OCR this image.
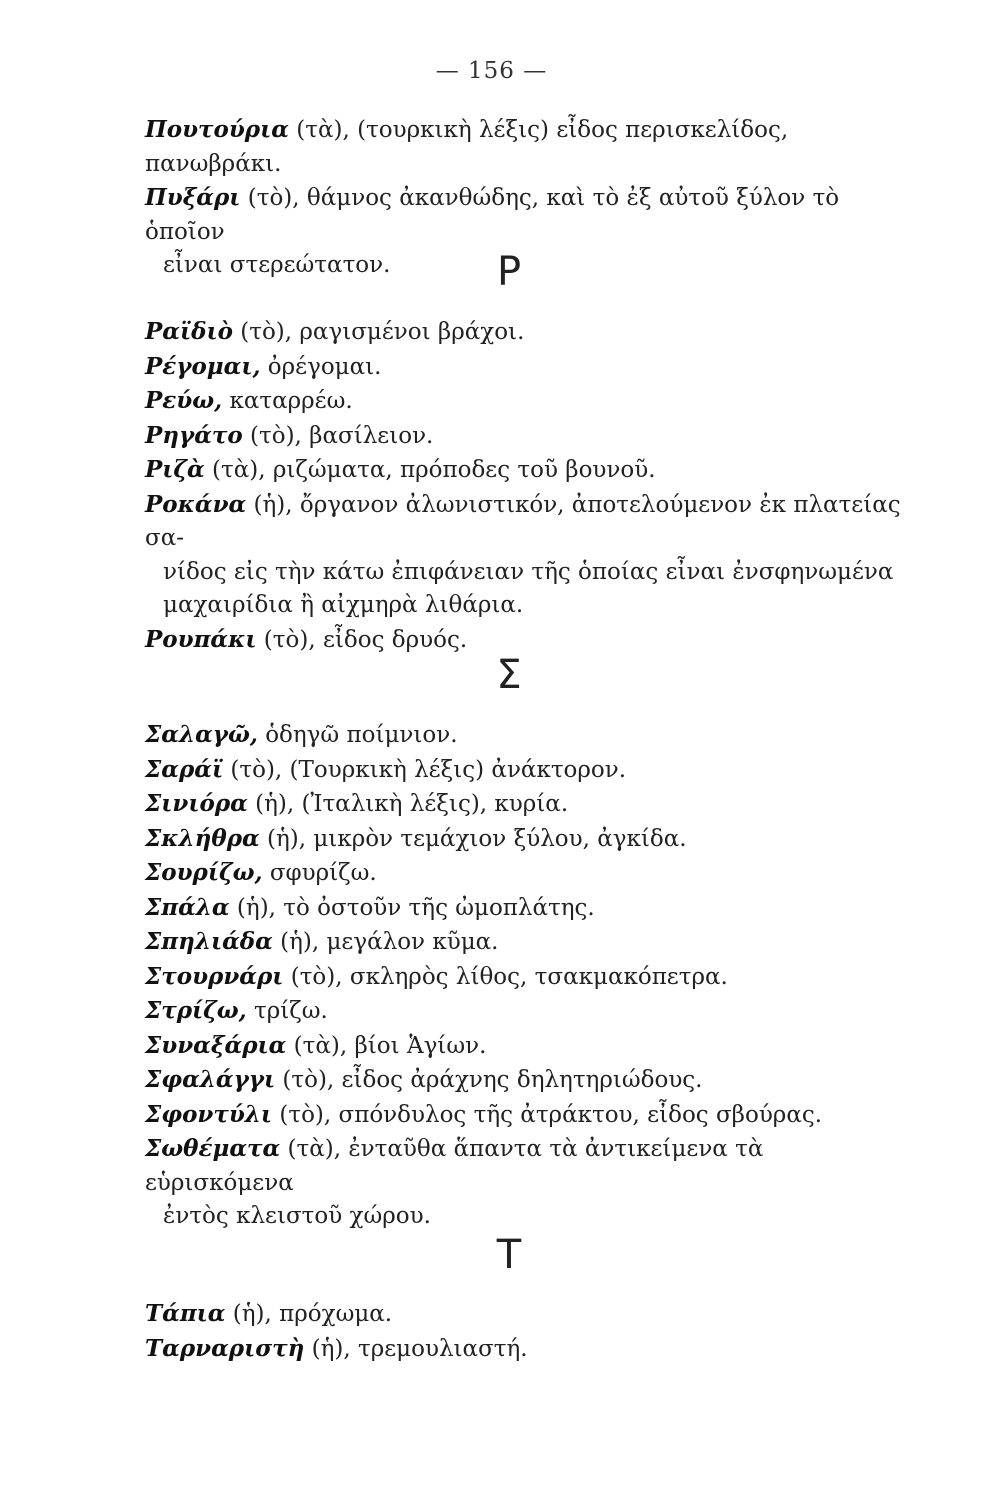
— 156 —
Πουτούρια (τὰ), (τουρκικὴ λέξις) εἶδος περισκελίδος, πανωβράκι.
Πυξάρι (τὸ), θάμνος ἀκανθώδης, καὶ τὸ ἐξ αὐτοῦ ξύλον τὸ ὁποῖον
εἶναι στερεώτατον.	Ρ
Ραϊδιὸ (τὸ), ραγισμένοι βράχοι.
Ρέγομαι, ὀρέγομαι.
Ρεύω, καταρρέω.
Ρηγάτο (τὸ), βασίλειον.
Ριζὰ (τὰ), ριζώματα, πρόποδες τοῦ βουνοῦ.
Ροκάνα (ἡ), ὄργανον ἀλωνιστικόν, ἀποτελούμενον ἐκ πλατείας σα-
νίδος εἰς τὴν κάτω ἐπιφάνειαν τῆς ὁποίας εἶναι ἐνσφηνωμένα
μαχαιρίδια ἢ αἰχμηρὰ λιθάρια.
Ρουπάκι (τὸ), εἶδος δρυός.
Σ
Σαλαγῶ, ὁδηγῶ ποίμνιον.
Σαράϊ (τὸ), (Τουρκικὴ λέξις) ἀνάκτορον.
Σινιόρα (ἡ), (Ἰταλικὴ λέξις), κυρία.
Σκλήθρα (ἡ), μικρὸν τεμάχιον ξύλου, ἀγκίδα.
Σουρίζω, σφυρίζω.
Σπάλα (ἡ), τὸ ὀστοῦν τῆς ὠμοπλάτης.
Σπηλιάδα (ἡ), μεγάλον κῦμα.
Στουρνάρι (τὸ), σκληρὸς λίθος, τσακμακόπετρα.
Στρίζω, τρίζω.
Συναξάρια (τὰ), βίοι Ἁγίων.
Σφαλάγγι (τὸ), εἶδος ἀράχνης δηλητηριώδους.
Σφοντύλι (τὸ), σπόνδυλος τῆς ἀτράκτου, εἶδος σβούρας.
Σωθέματα (τὰ), ἐνταῦθα ἅπαντα τὰ ἀντικείμενα τὰ εὑρισκόμενα
ἐντὸς κλειστοῦ χώρου.
Τ
Τάπια (ἡ), πρόχωμα.
Ταρναριστὴ (ἡ), τρεμουλιαστή.
